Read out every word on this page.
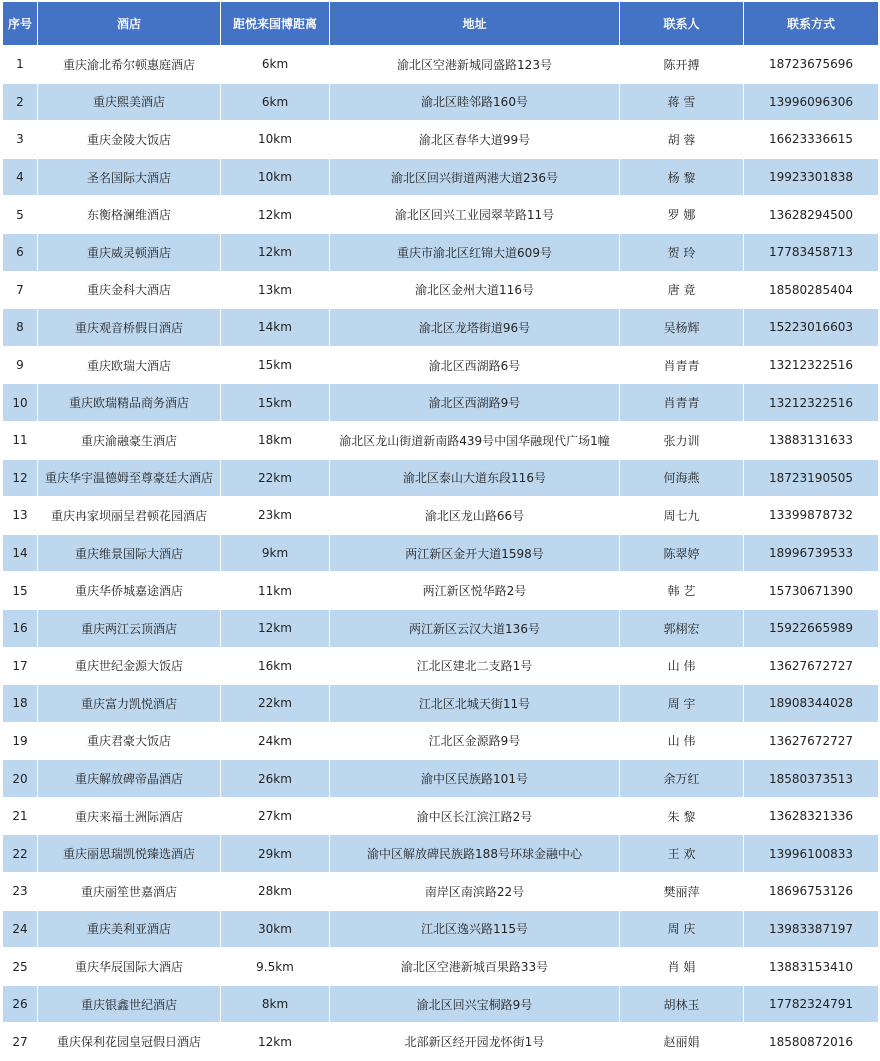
序号	酒店	距悦来国博距离	地址	联系人	联系方式
1	重庆渝北希尔顿惠庭酒店	6km	渝北区空港新城同盛路123号	陈开搏	18723675696
2	重庆熙美酒店	6km	渝北区睦邻路160号	蒋 雪	13996096306
3	重庆金陵大饭店	10km	渝北区春华大道99号	胡 蓉	16623336615
4	圣名国际大酒店	10km	渝北区回兴街道两港大道236号	杨 黎	19923301838
5	东衡格澜维酒店	12km	渝北区回兴工业园翠苹路11号	罗 娜	13628294500
6	重庆威灵顿酒店	12km	重庆市渝北区红锦大道609号	贺 玲	17783458713
7	重庆金科大酒店	13km	渝北区金州大道116号	唐 竟	18580285404
8	重庆观音桥假日酒店	14km	渝北区龙塔街道96号	吴杨辉	15223016603
9	重庆欧瑞大酒店	15km	渝北区西湖路6号	肖青青	13212322516
10	重庆欧瑞精品商务酒店	15km	渝北区西湖路9号	肖青青	13212322516
11	重庆渝融豪生酒店	18km	渝北区龙山街道新南路439号中国华融现代广场1幢	张力训	13883131633
12	重庆华宇温德姆至尊豪廷大酒店	22km	渝北区泰山大道东段116号	何海燕	18723190505
13	重庆冉家坝丽呈君顿花园酒店	23km	渝北区龙山路66号	周七九	13399878732
14	重庆维景国际大酒店	9km	两江新区金开大道1598号	陈翠婷	18996739533
15	重庆华侨城嘉途酒店	11km	两江新区悦华路2号	韩 艺	15730671390
16	重庆两江云顶酒店	12km	两江新区云汉大道136号	郭栩宏	15922665989
17	重庆世纪金源大饭店	16km	江北区建北二支路1号	山 伟	13627672727
18	重庆富力凯悦酒店	22km	江北区北城天街11号	周 宇	18908344028
19	重庆君豪大饭店	24km	江北区金源路9号	山 伟	13627672727
20	重庆解放碑帝晶酒店	26km	渝中区民族路101号	余万红	18580373513
21	重庆来福士洲际酒店	27km	渝中区长江滨江路2号	朱 黎	13628321336
22	重庆丽思瑞凯悦臻选酒店	29km	渝中区解放碑民族路188号环球金融中心	王 欢	13996100833
23	重庆丽笙世嘉酒店	28km	南岸区南滨路22号	樊丽萍	18696753126
24	重庆美利亚酒店	30km	江北区逸兴路115号	周 庆	13983387197
25	重庆华辰国际大酒店	9.5km	渝北区空港新城百果路33号	肖 娟	13883153410
26	重庆银鑫世纪酒店	8km	渝北区回兴宝桐路9号	胡林玉	17782324791
27	重庆保利花园皇冠假日酒店	12km	北部新区经开园龙怀街1号	赵丽娟	18580872016
